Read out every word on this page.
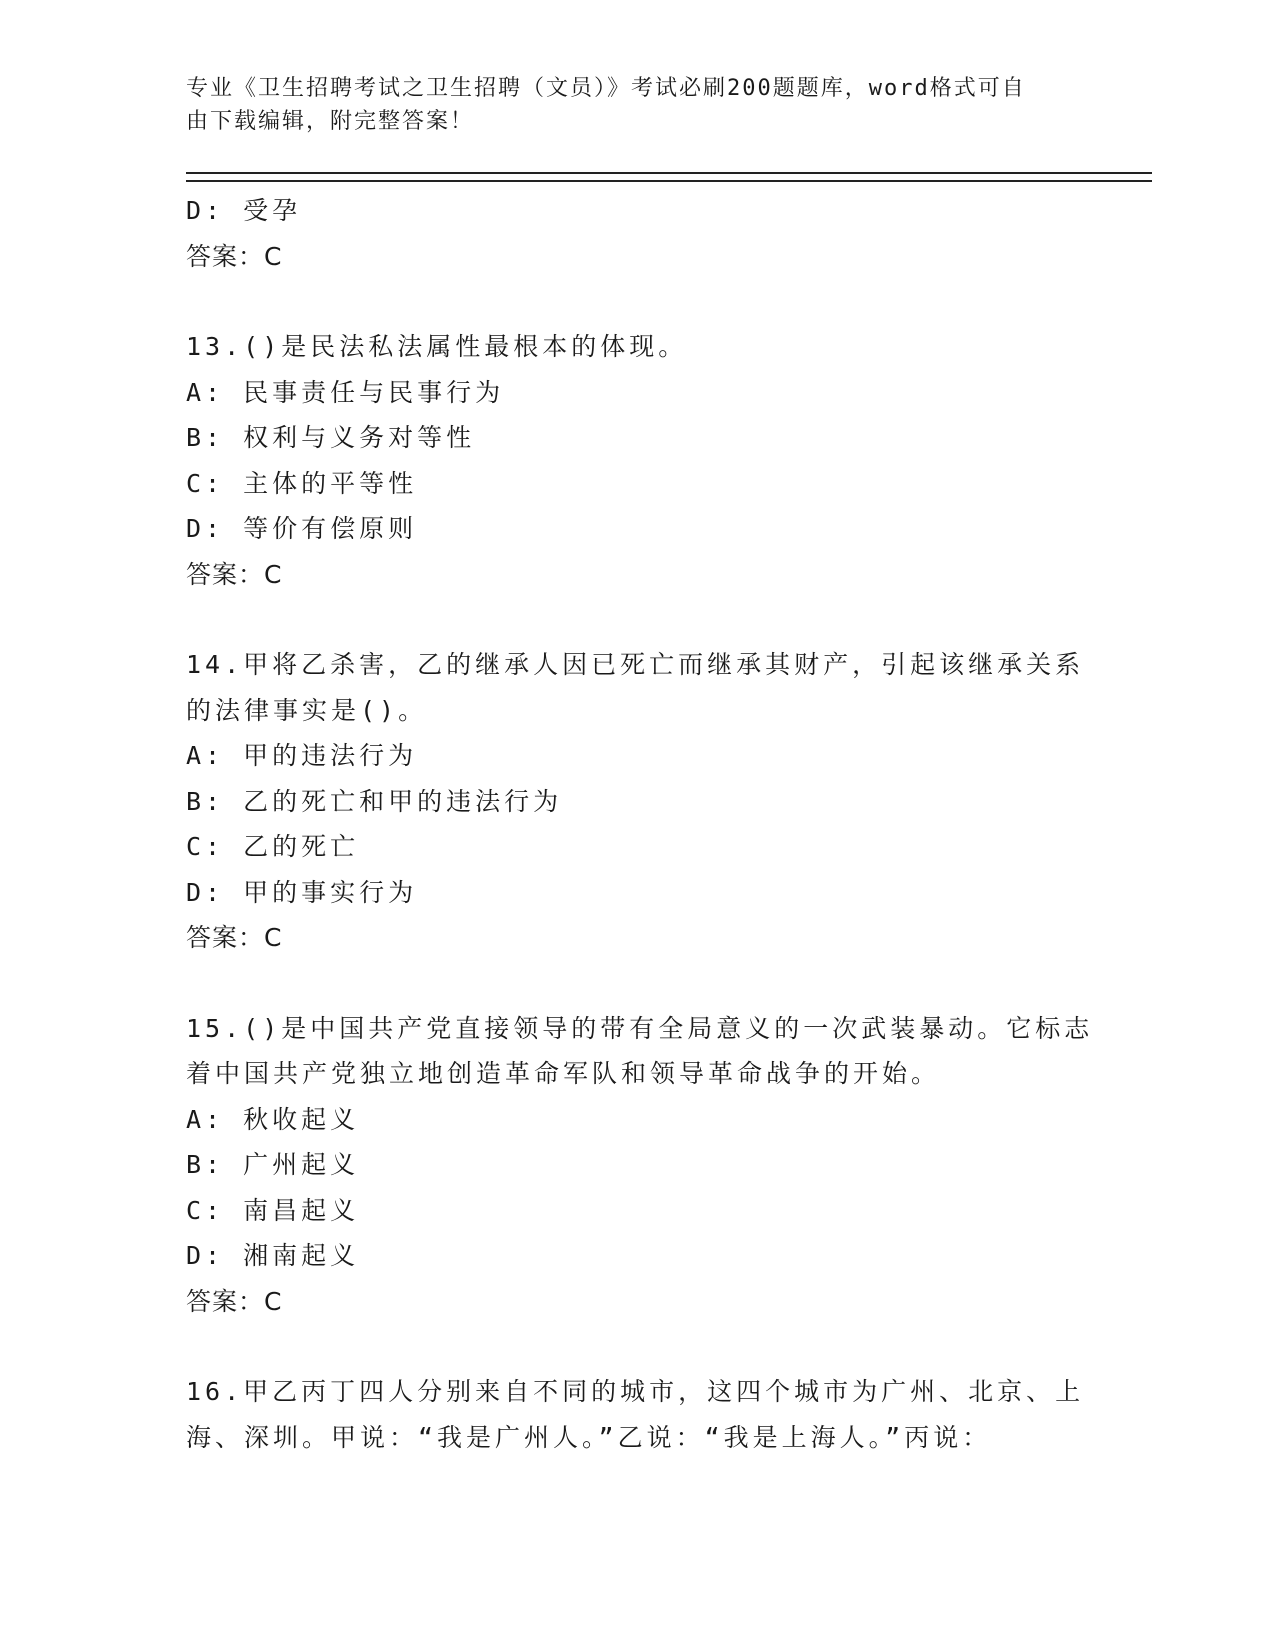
专业《卫生招聘考试之卫生招聘（文员）》考试必刷200题题库，word格式可自
由下载编辑，附完整答案！
D: 受孕
答案：C
13.()是民法私法属性最根本的体现。
A: 民事责任与民事行为
B: 权利与义务对等性
C: 主体的平等性
D: 等价有偿原则
答案：C
14.甲将乙杀害，乙的继承人因已死亡而继承其财产，引起该继承关系
的法律事实是()。
A: 甲的违法行为
B: 乙的死亡和甲的违法行为
C: 乙的死亡
D: 甲的事实行为
答案：C
15.()是中国共产党直接领导的带有全局意义的一次武装暴动。它标志
着中国共产党独立地创造革命军队和领导革命战争的开始。
A: 秋收起义
B: 广州起义
C: 南昌起义
D: 湘南起义
答案：C
16.甲乙丙丁四人分别来自不同的城市，这四个城市为广州、北京、上
海、深圳。甲说：“我是广州人。”乙说：“我是上海人。”丙说：
